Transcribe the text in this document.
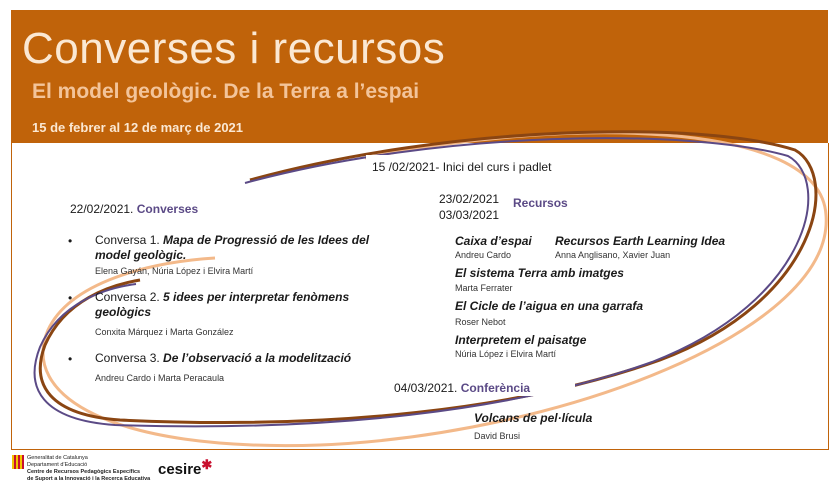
Converses i recursos
El model geològic. De la Terra a l’espai
15 de febrer al 12 de març de 2021
15 /02/2021- Inici del curs i padlet
22/02/2021. Converses
• Conversa 1. Mapa de Progressió de les Idees del
model geològic.
Elena Gayán, Núria López i Elvira Martí
• Conversa 2. 5 idees per interpretar fenòmens
geològics
Conxita Márquez i Marta González
• Conversa 3. De l’observació a la modelització
Andreu Cardo i Marta Peracaula
23/02/2021
03/03/2021
Recursos
Caixa d’espai
Andreu Cardo
Recursos Earth Learning Idea
Anna Anglisano, Xavier Juan
El sistema Terra amb imatges
Marta Ferrater
El Cicle de l’aigua en una garrafa
Roser Nebot
Interpretem el paisatge
Núria López i Elvira Martí
04/03/2021. Conferència
Volcans de pel·lícula
David Brusi
Generalitat de Catalunya
Departament d’Educació
Centre de Recursos Pedagògics Específics
de Suport a la Innovació i la Recerca Educativa
cesire✱
